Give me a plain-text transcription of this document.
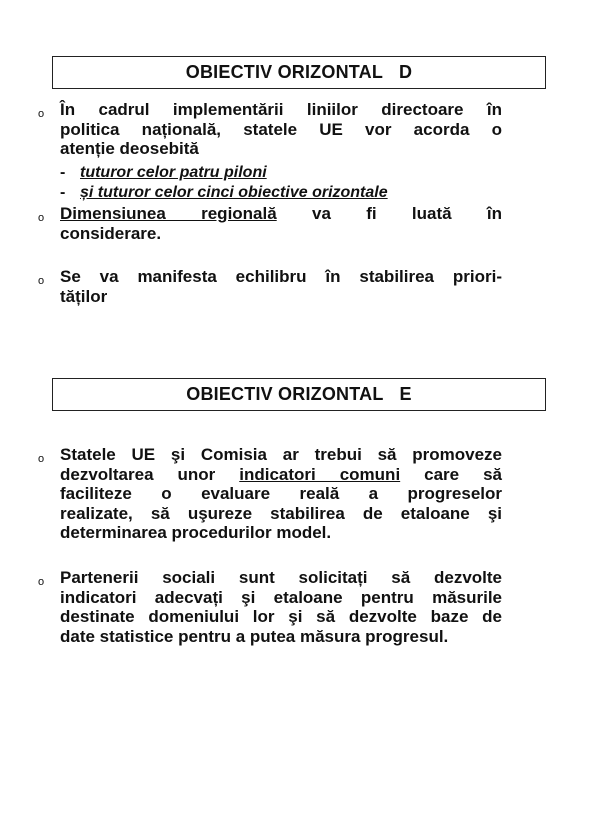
OBIECTIV ORIZONTAL D
o În cadrul implementării liniilor directoare în
politica națională, statele UE vor acorda o
atenție deosebită
- tuturor celor patru piloni
- și tuturor celor cinci obiective orizontale
o Dimensiunea regională va fi luată în
considerare.
o Se va manifesta echilibru în stabilirea priori-
tăților
OBIECTIV ORIZONTAL E
o Statele UE şi Comisia ar trebui să promoveze
dezvoltarea unor indicatori comuni care să
faciliteze o evaluare reală a progreselor
realizate, să uşureze stabilirea de etaloane şi
determinarea procedurilor model.
o Partenerii sociali sunt solicitați să dezvolte
indicatori adecvați şi etaloane pentru măsurile
destinate domeniului lor şi să dezvolte baze de
date statistice pentru a putea măsura progresul.
